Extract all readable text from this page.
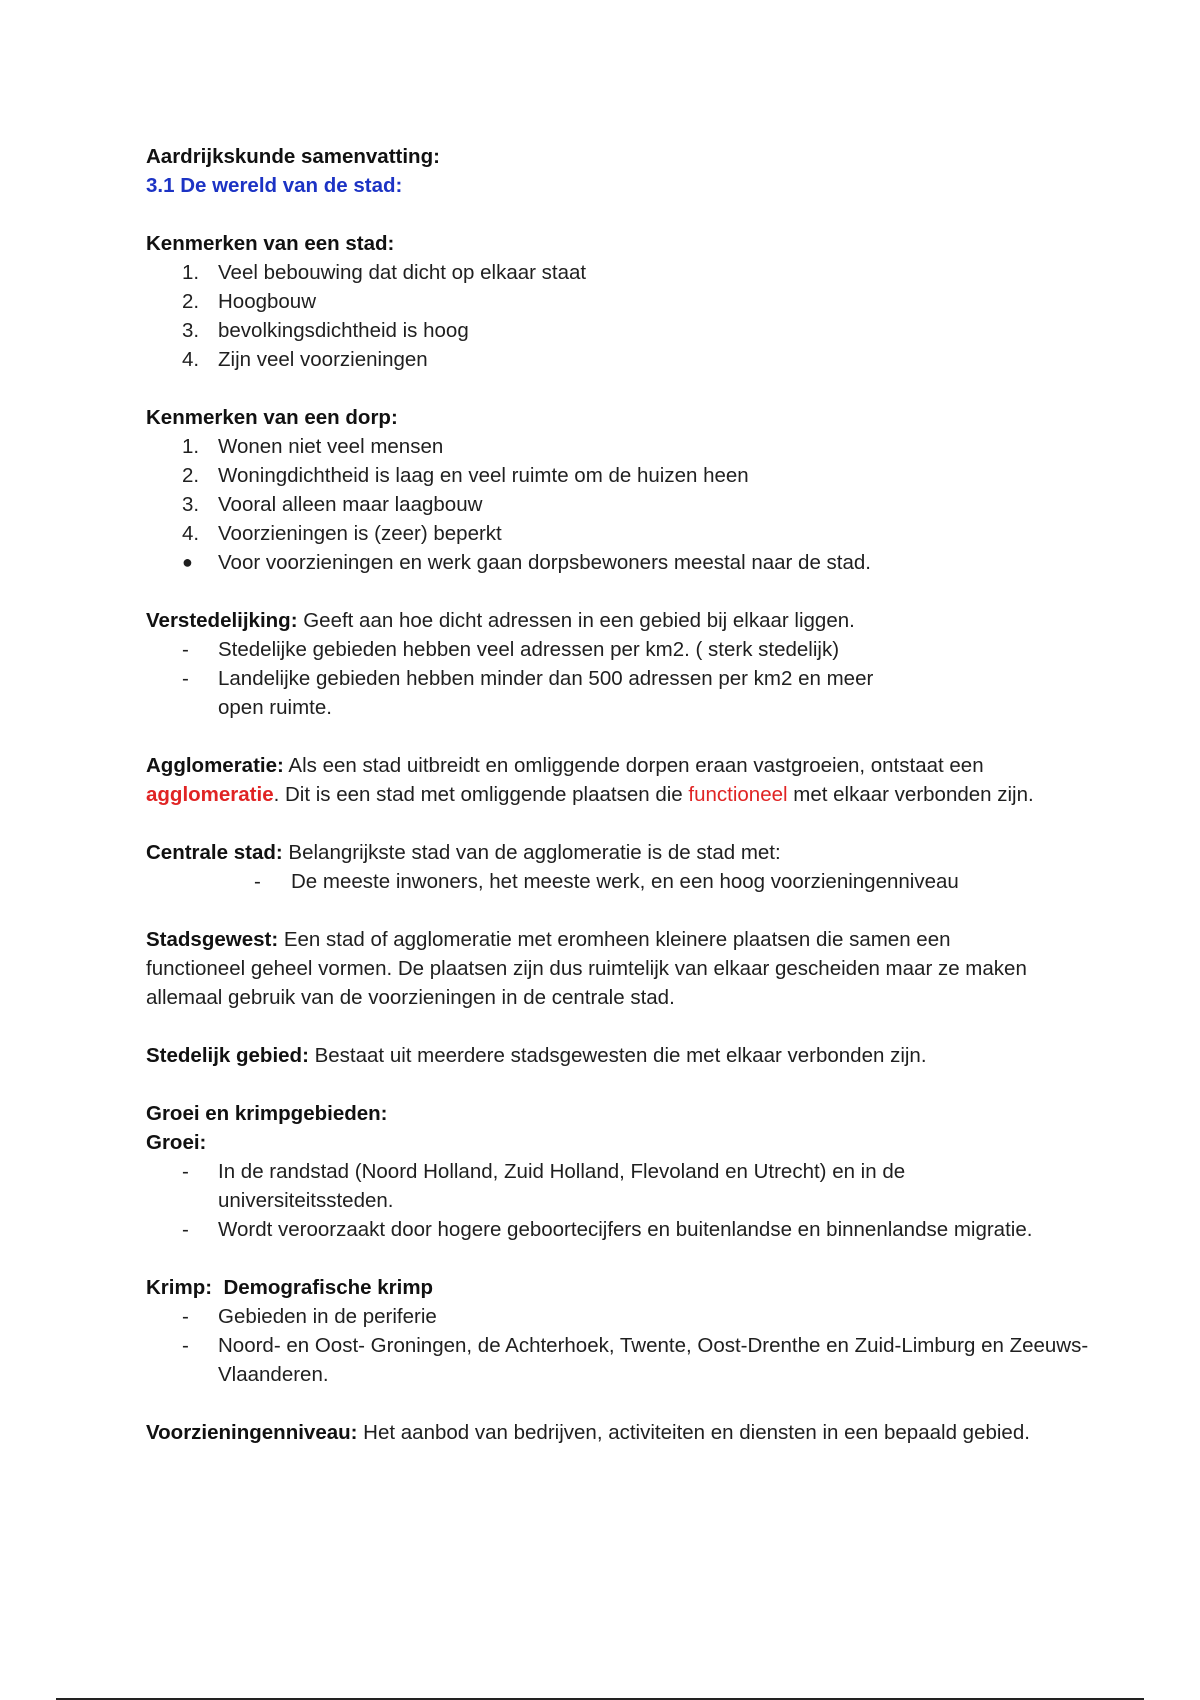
Aardrijkskunde samenvatting:

3.1 De wereld van de stad:

Kenmerken van een stad:

1. Veel bebouwing dat dicht op elkaar staat
2. Hoogbouw
3. bevolkingsdichtheid is hoog
4. Zijn veel voorzieningen

Kenmerken van een dorp:

1. Wonen niet veel mensen
2. Woningdichtheid is laag en veel ruimte om de huizen heen
3. Vooral alleen maar laagbouw
4. Voorzieningen is (zeer) beperkt
●	Voor voorzieningen en werk gaan dorpsbewoners meestal naar de stad.

Verstedelijking: Geeft aan hoe dicht adressen in een gebied bij elkaar liggen.

-	Stedelijke gebieden hebben veel adressen per km2. ( sterk stedelijk)
-	Landelijke gebieden hebben minder dan 500 adressen per km2 en meer open ruimte.

Agglomeratie: Als een stad uitbreidt en omliggende dorpen eraan vastgroeien, ontstaat een agglomeratie. Dit is een stad met omliggende plaatsen die functioneel met elkaar verbonden zijn.

Centrale stad: Belangrijkste stad van de agglomeratie is de stad met:

-	De meeste inwoners, het meeste werk, en een hoog voorzieningenniveau

Stadsgewest: Een stad of agglomeratie met eromheen kleinere plaatsen die samen een functioneel geheel vormen. De plaatsen zijn dus ruimtelijk van elkaar gescheiden maar ze maken allemaal gebruik van de voorzieningen in de centrale stad.

Stedelijk gebied: Bestaat uit meerdere stadsgewesten die met elkaar verbonden zijn.

Groei en krimpgebieden:

Groei:

-	In de randstad (Noord Holland, Zuid Holland, Flevoland en Utrecht) en in de universiteitssteden.
-	Wordt veroorzaakt door hogere geboortecijfers en buitenlandse en binnenlandse migratie.

Krimp:  Demografische krimp

-	Gebieden in de periferie
-	Noord- en Oost- Groningen, de Achterhoek, Twente, Oost-Drenthe en Zuid-Limburg en Zeeuws-Vlaanderen.

Voorzieningenniveau: Het aanbod van bedrijven, activiteiten en diensten in een bepaald gebied.
